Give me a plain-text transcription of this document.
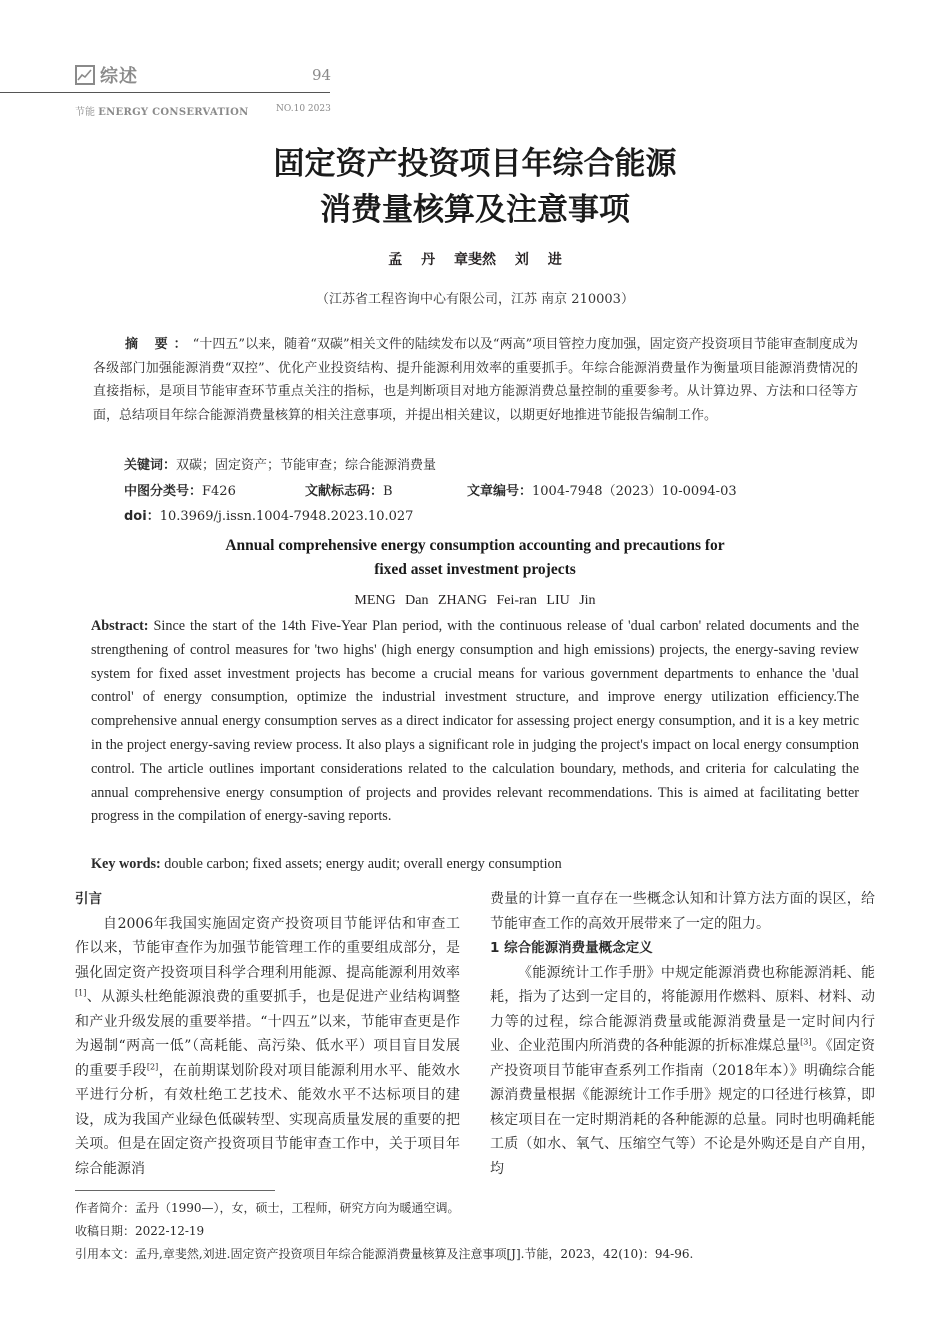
综述	94
节能 ENERGY CONSERVATION	NO.10 2023
固定资产投资项目年综合能源
消费量核算及注意事项
孟 丹 章斐然 刘 进
（江苏省工程咨询中心有限公司，江苏 南京 210003）
摘 要：“十四五”以来，随着“双碳”相关文件的陆续发布以及“两高”项目管控力度加强，固定资产投资项目节能审查制度成为各级部门加强能源消费“双控”、优化产业投资结构、提升能源利用效率的重要抓手。年综合能源消费量作为衡量项目能源消费情况的直接指标，是项目节能审查环节重点关注的指标，也是判断项目对地方能源消费总量控制的重要参考。从计算边界、方法和口径等方面，总结项目年综合能源消费量核算的相关注意事项，并提出相关建议，以期更好地推进节能报告编制工作。
关键词：双碳；固定资产；节能审查；综合能源消费量
中图分类号：F426	文献标志码：B	文章编号：1004-7948（2023）10-0094-03
doi：10.3969/j.issn.1004-7948.2023.10.027
Annual comprehensive energy consumption accounting and precautions for
fixed asset investment projects
MENG Dan ZHANG Fei-ran LIU Jin
Abstract: Since the start of the 14th Five-Year Plan period, with the continuous release of 'dual carbon' related documents and the strengthening of control measures for 'two highs' (high energy consumption and high emissions) projects, the energy-saving review system for fixed asset investment projects has become a crucial means for various government departments to enhance the 'dual control' of energy consumption, optimize the industrial investment structure, and improve energy utilization efficiency.The comprehensive annual energy consumption serves as a direct indicator for assessing project energy consumption, and it is a key metric in the project energy-saving review process. It also plays a significant role in judging the project's impact on local energy consumption control. The article outlines important considerations related to the calculation boundary, methods, and criteria for calculating the annual comprehensive energy consumption of projects and provides relevant recommendations. This is aimed at facilitating better progress in the compilation of energy-saving reports.
Key words: double carbon; fixed assets; energy audit; overall energy consumption
引言
自2006年我国实施固定资产投资项目节能评估和审查工作以来，节能审查作为加强节能管理工作的重要组成部分，是强化固定资产投资项目科学合理利用能源、提高能源利用效率[1]、从源头杜绝能源浪费的重要抓手，也是促进产业结构调整和产业升级发展的重要举措。“十四五”以来，节能审查更是作为遏制“两高一低”（高耗能、高污染、低水平）项目盲目发展的重要手段[2]，在前期谋划阶段对项目能源利用水平、能效水平进行分析，有效杜绝工艺技术、能效水平不达标项目的建设，成为我国产业绿色低碳转型、实现高质量发展的重要的把关项。但是在固定资产投资项目节能审查工作中，关于项目年综合能源消
费量的计算一直存在一些概念认知和计算方法方面的误区，给节能审查工作的高效开展带来了一定的阻力。
1 综合能源消费量概念定义
《能源统计工作手册》中规定能源消费也称能源消耗、能耗，指为了达到一定目的，将能源用作燃料、原料、材料、动力等的过程，综合能源消费量或能源消费量是一定时间内行业、企业范围内所消费的各种能源的折标准煤总量[3]。《固定资产投资项目节能审查系列工作指南（2018年本）》明确综合能源消费量根据《能源统计工作手册》规定的口径进行核算，即核定项目在一定时期消耗的各种能源的总量。同时也明确耗能工质（如水、氧气、压缩空气等）不论是外购还是自产自用，均
作者简介：孟丹（1990—），女，硕士，工程师，研究方向为暖通空调。
收稿日期：2022-12-19
引用本文：孟丹,章斐然,刘进.固定资产投资项目年综合能源消费量核算及注意事项[J].节能，2023，42(10)：94-96.
